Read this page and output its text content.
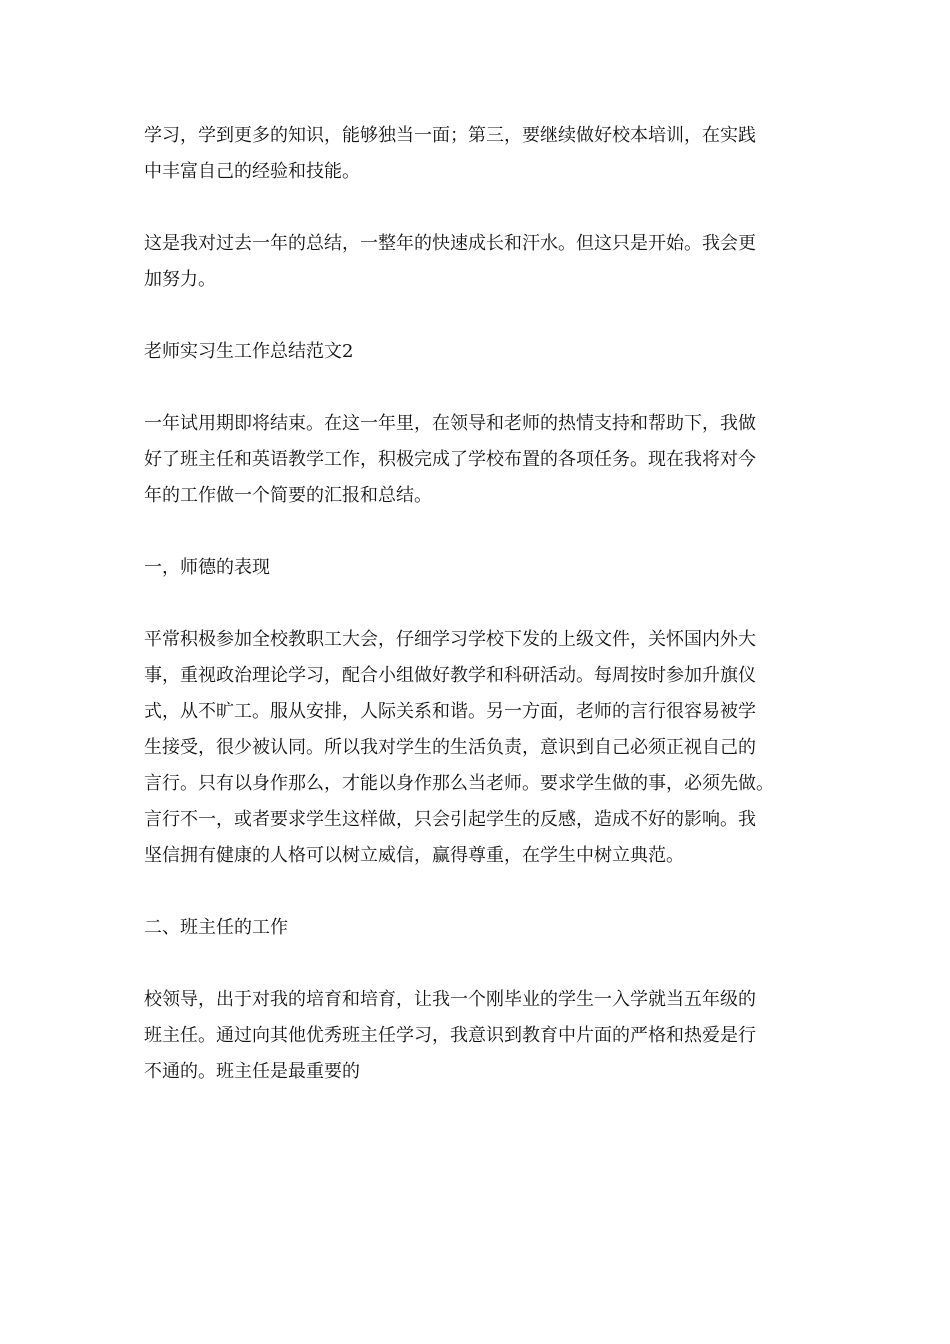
学习，学到更多的知识，能够独当一面；第三，要继续做好校本培训，在实践
中丰富自己的经验和技能。
这是我对过去一年的总结，一整年的快速成长和汗水。但这只是开始。我会更
加努力。
老师实习生工作总结范文2
一年试用期即将结束。在这一年里，在领导和老师的热情支持和帮助下，我做
好了班主任和英语教学工作，积极完成了学校布置的各项任务。现在我将对今
年的工作做一个简要的汇报和总结。
一，师德的表现
平常积极参加全校教职工大会，仔细学习学校下发的上级文件，关怀国内外大
事，重视政治理论学习，配合小组做好教学和科研活动。每周按时参加升旗仪
式，从不旷工。服从安排，人际关系和谐。另一方面，老师的言行很容易被学
生接受，很少被认同。所以我对学生的生活负责，意识到自己必须正视自己的
言行。只有以身作那么，才能以身作那么当老师。要求学生做的事，必须先做。
言行不一，或者要求学生这样做，只会引起学生的反感，造成不好的影响。我
坚信拥有健康的人格可以树立威信，赢得尊重，在学生中树立典范。
二、班主任的工作
校领导，出于对我的培育和培育，让我一个刚毕业的学生一入学就当五年级的
班主任。通过向其他优秀班主任学习，我意识到教育中片面的严格和热爱是行
不通的。班主任是最重要的
